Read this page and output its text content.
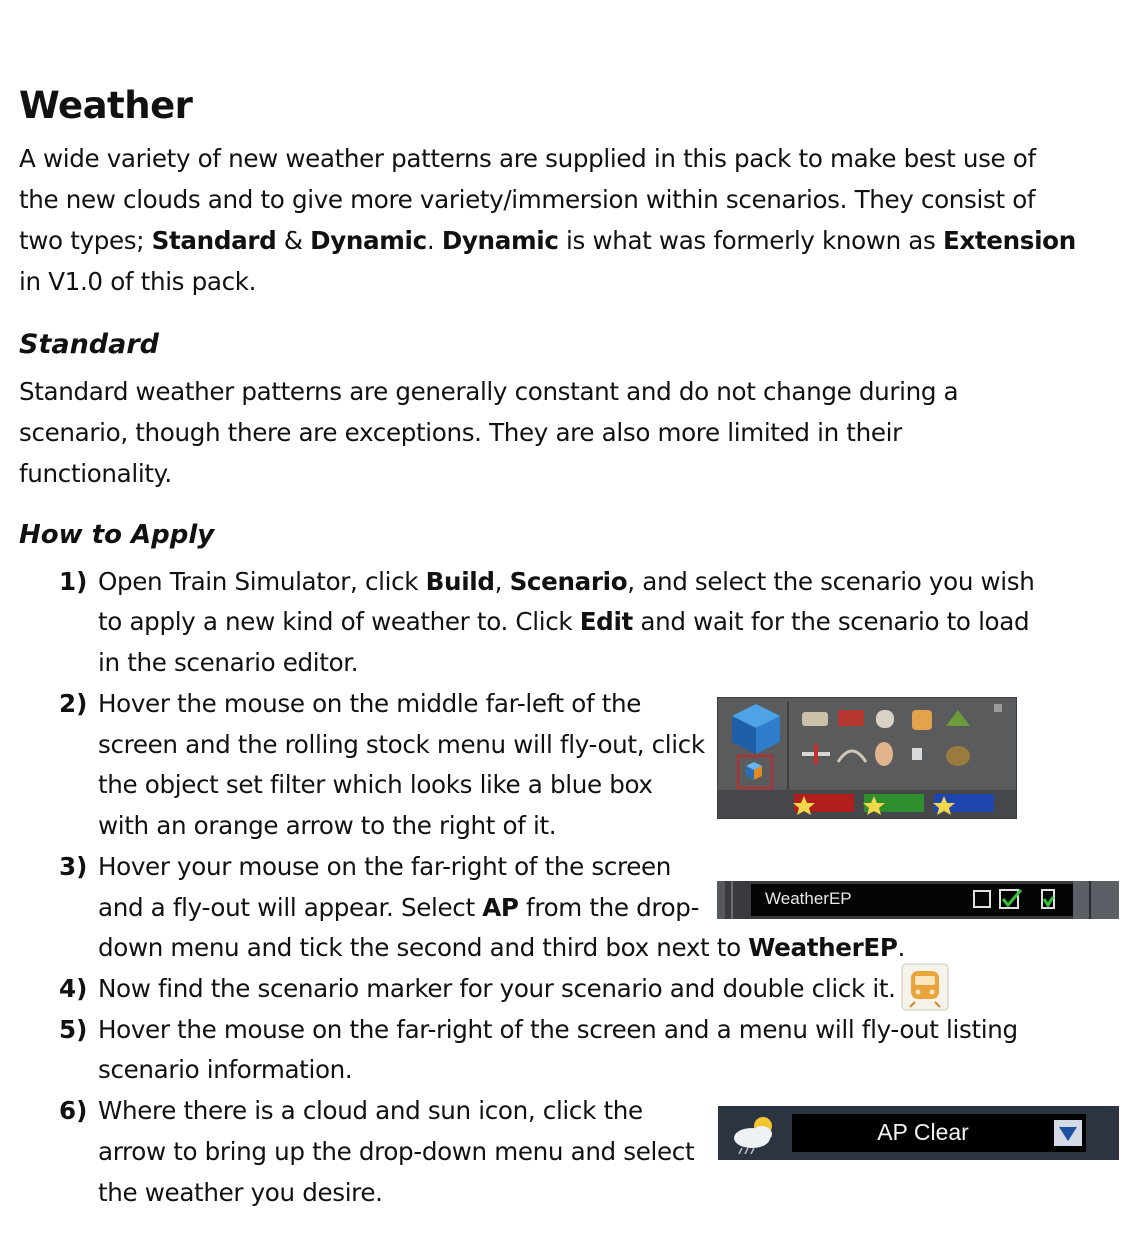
Weather
A wide variety of new weather patterns are supplied in this pack to make best use of
the new clouds and to give more variety/immersion within scenarios. They consist of
two types; Standard & Dynamic. Dynamic is what was formerly known as Extension
in V1.0 of this pack.
Standard
Standard weather patterns are generally constant and do not change during a
scenario, though there are exceptions. They are also more limited in their
functionality.
How to Apply
1) Open Train Simulator, click Build, Scenario, and select the scenario you wish
to apply a new kind of weather to. Click Edit and wait for the scenario to load
in the scenario editor.
2) Hover the mouse on the middle far-left of the
screen and the rolling stock menu will fly-out, click
the object set filter which looks like a blue box
with an orange arrow to the right of it.
3) Hover your mouse on the far-right of the screen
and a fly-out will appear. Select AP from the drop-
down menu and tick the second and third box next to WeatherEP.
WeatherEP
4) Now find the scenario marker for your scenario and double click it.
5) Hover the mouse on the far-right of the screen and a menu will fly-out listing
scenario information.
6) Where there is a cloud and sun icon, click the
arrow to bring up the drop-down menu and select
the weather you desire.
AP Clear
